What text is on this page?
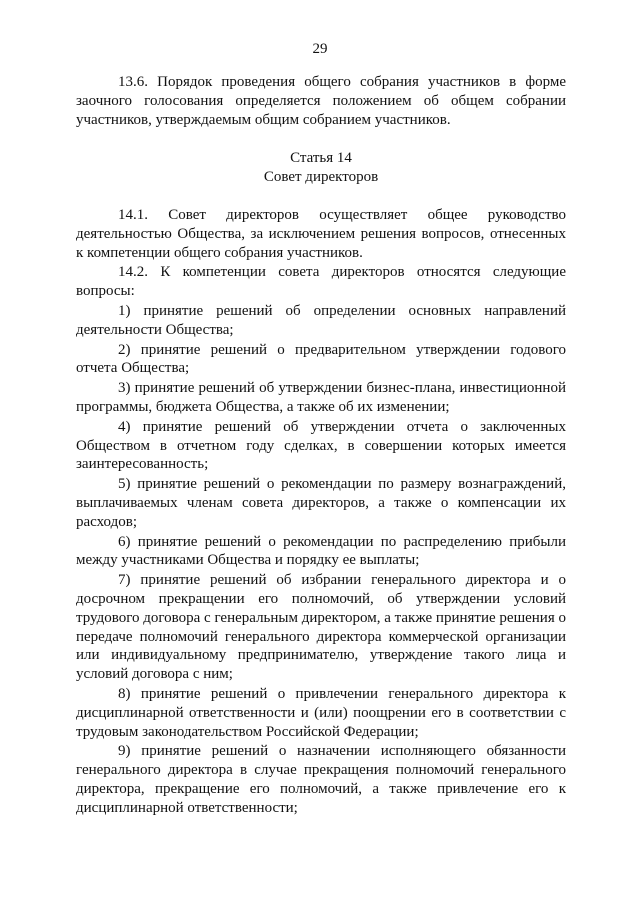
29

13.6. Порядок проведения общего собрания участников в форме заочного голосования определяется положением об общем собрании участников, утверждаемым общим собранием участников.

Статья 14
Совет директоров

14.1. Совет директоров осуществляет общее руководство деятельностью Общества, за исключением решения вопросов, отнесенных к компетенции общего собрания участников.

14.2. К компетенции совета директоров относятся следующие вопросы:

1) принятие решений об определении основных направлений деятельности Общества;

2) принятие решений о предварительном утверждении годового отчета Общества;

3) принятие решений об утверждении бизнес-плана, инвестиционной программы, бюджета Общества, а также об их изменении;

4) принятие решений об утверждении отчета о заключенных Обществом в отчетном году сделках, в совершении которых имеется заинтересованность;

5) принятие решений о рекомендации по размеру вознаграждений, выплачиваемых членам совета директоров, а также о компенсации их расходов;

6) принятие решений о рекомендации по распределению прибыли между участниками Общества и порядку ее выплаты;

7) принятие решений об избрании генерального директора и о досрочном прекращении его полномочий, об утверждении условий трудового договора с генеральным директором, а также принятие решения о передаче полномочий генерального директора коммерческой организации или индивидуальному предпринимателю, утверждение такого лица и условий договора с ним;

8) принятие решений о привлечении генерального директора к дисциплинарной ответственности и (или) поощрении его в соответствии с трудовым законодательством Российской Федерации;

9) принятие решений о назначении исполняющего обязанности генерального директора в случае прекращения полномочий генерального директора, прекращение его полномочий, а также привлечение его к дисциплинарной ответственности;
